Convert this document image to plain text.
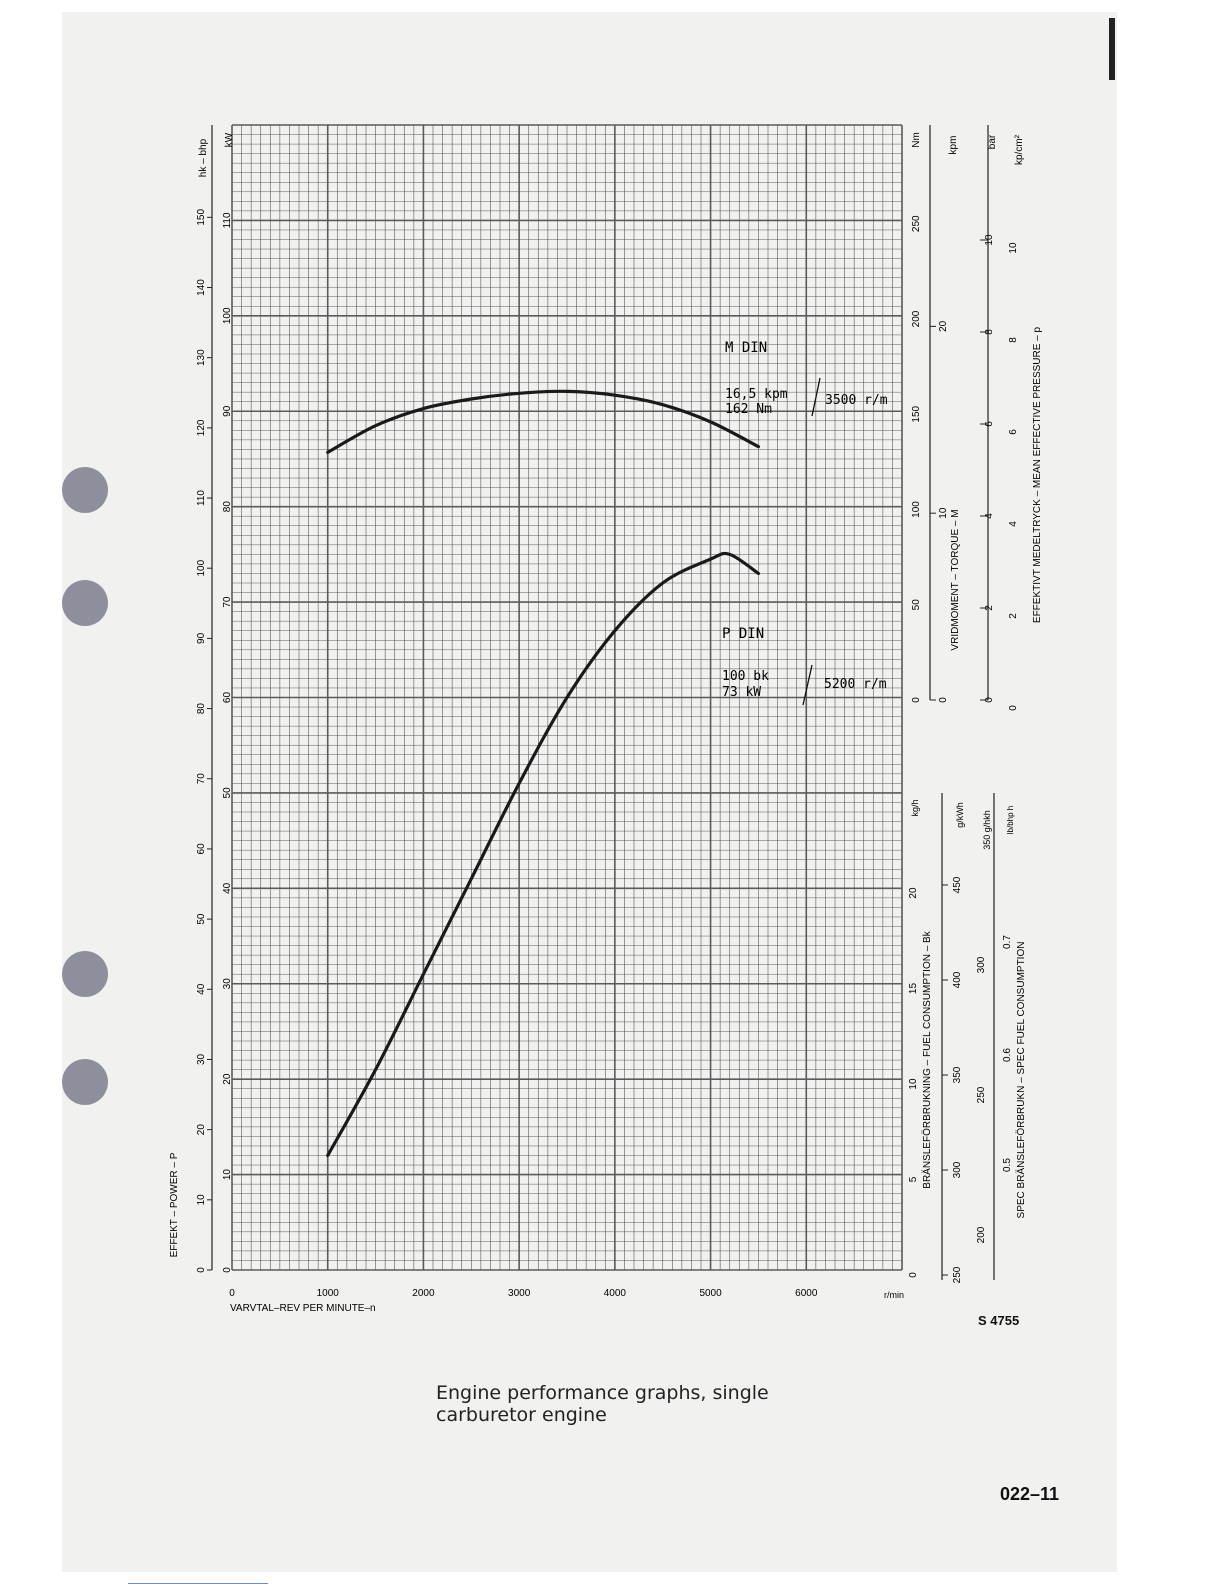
0	1000	2000	3000	4000	5000	6000	r/min
VARVTAL–REV PER MINUTE–n
0
10
20
30
40
50
60
70
80
90
100
110
kW
0
10
20
30
40
50
60
70
80
90
100
110
120
130
140
150
hk – bhp
EFFEKT – POWER – P
0
50
100
150
200
250
Nm
0
10
20
kpm
VRIDMOMENT – TORQUE – M
0
0
2
2
4
4
6
6
8
8
10
10
bar kp/cm²
EFFEKTIVT MEDELTRYCK – MEAN EFFECTIVE PRESSURE – p
0
5
10
15
20
kg/h
BRÄNSLEFÖRBRUKNING – FUEL CONSUMPTION – Bk
250
300
350
400
450
g/kWh
200
250
300
350 g/hkh
0.5
0.6
0.7
lb/bhp h
SPEC BRÄNSLEFÖRBRUKN – SPEC FUEL CONSUMPTION
M DIN
16,5 kpm
162 Nm
3500 r/m
P DIN
100 bk
73 kW
5200 r/m
S 4755
Engine performance graphs, single
carburetor engine
022–11
